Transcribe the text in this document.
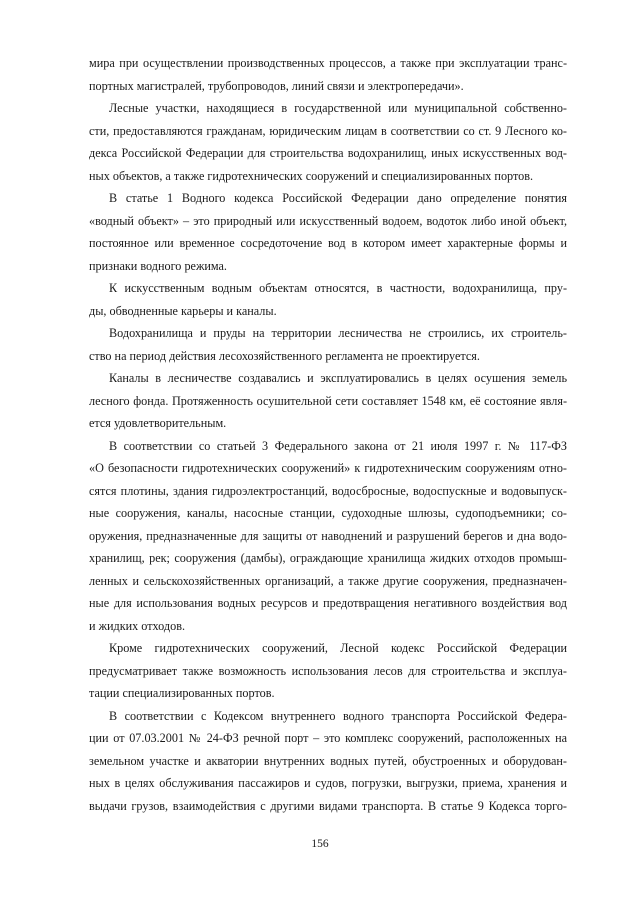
мира при осуществлении производственных процессов, а также при эксплуатации транс-
портных магистралей, трубопроводов, линий связи и электропередачи».
Лесные участки, находящиеся в государственной или муниципальной собственно-
сти, предоставляются гражданам, юридическим лицам в соответствии со ст. 9 Лесного ко-
декса Российской Федерации для строительства водохранилищ, иных искусственных вод-
ных объектов, а также гидротехнических сооружений и специализированных портов.
В статье 1 Водного кодекса Российской Федерации дано определение понятия
«водный объект» – это природный или искусственный водоем, водоток либо иной объект,
постоянное или временное сосредоточение вод в котором имеет характерные формы и
признаки водного режима.
К искусственным водным объектам относятся, в частности, водохранилища, пру-
ды, обводненные карьеры и каналы.
Водохранилища и пруды на территории лесничества не строились, их строитель-
ство на период действия лесохозяйственного регламента не проектируется.
Каналы в лесничестве создавались и эксплуатировались в целях осушения земель
лесного фонда. Протяженность осушительной сети составляет 1548 км, её состояние явля-
ется удовлетворительным.
В соответствии со статьей 3 Федерального закона от 21 июля 1997 г. № 117-ФЗ
«О безопасности гидротехнических сооружений» к гидротехническим сооружениям отно-
сятся плотины, здания гидроэлектростанций, водосбросные, водоспускные и водовыпуск-
ные сооружения, каналы, насосные станции, судоходные шлюзы, судоподъемники; со-
оружения, предназначенные для защиты от наводнений и разрушений берегов и дна водо-
хранилищ, рек; сооружения (дамбы), ограждающие хранилища жидких отходов промыш-
ленных и сельскохозяйственных организаций, а также другие сооружения, предназначен-
ные для использования водных ресурсов и предотвращения негативного воздействия вод
и жидких отходов.
Кроме гидротехнических сооружений, Лесной кодекс Российской Федерации
предусматривает также возможность использования лесов для строительства и эксплуа-
тации специализированных портов.
В соответствии с Кодексом внутреннего водного транспорта Российской Федера-
ции от 07.03.2001 № 24-ФЗ речной порт – это комплекс сооружений, расположенных на
земельном участке и акватории внутренних водных путей, обустроенных и оборудован-
ных в целях обслуживания пассажиров и судов, погрузки, выгрузки, приема, хранения и
выдачи грузов, взаимодействия с другими видами транспорта. В статье 9 Кодекса торго-
156
